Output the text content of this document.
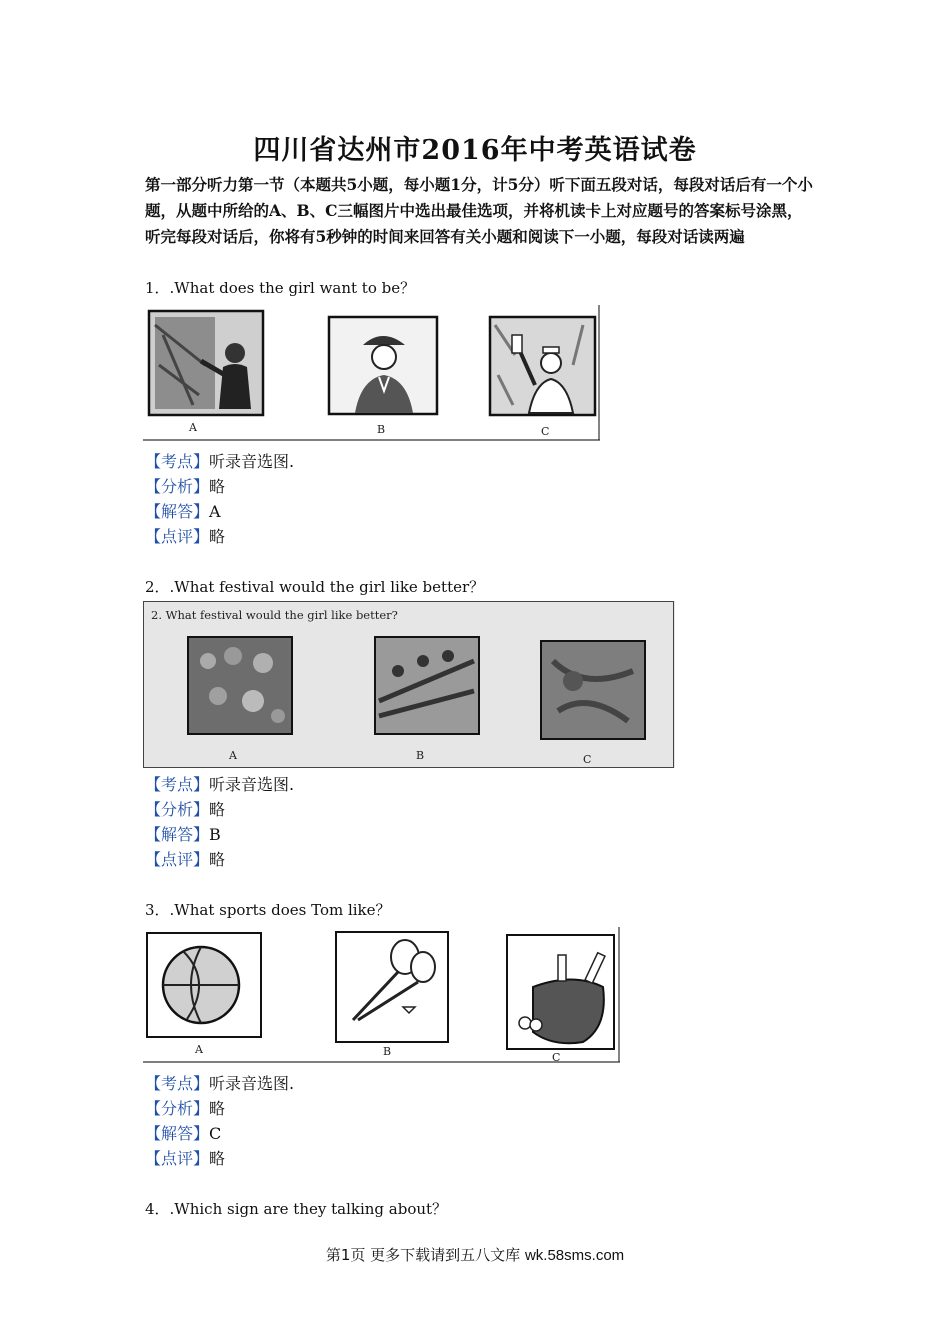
四川省达州市2016年中考英语试卷
第一部分听力第一节（本题共5小题，每小题1分，计5分）听下面五段对话，每段对话后有一个小题，从题中所给的A、B、C三幅图片中选出最佳选项，并将机读卡上对应题号的答案标号涂黑，听完每段对话后，你将有5秒钟的时间来回答有关小题和阅读下一小题，每段对话读两遍
1．.What does the girl want to be？
A	B	C
【考点】听录音选图.
【分析】略
【解答】A
【点评】略
2．.What festival would the girl like better？
2. What festival would the girl like better?
A	B	C
【考点】听录音选图.
【分析】略
【解答】B
【点评】略
3．.What sports does Tom like？
A	B	C
【考点】听录音选图.
【分析】略
【解答】C
【点评】略
4．.Which sign are they talking about？
第1页 更多下载请到五八文库 wk.58sms.com
